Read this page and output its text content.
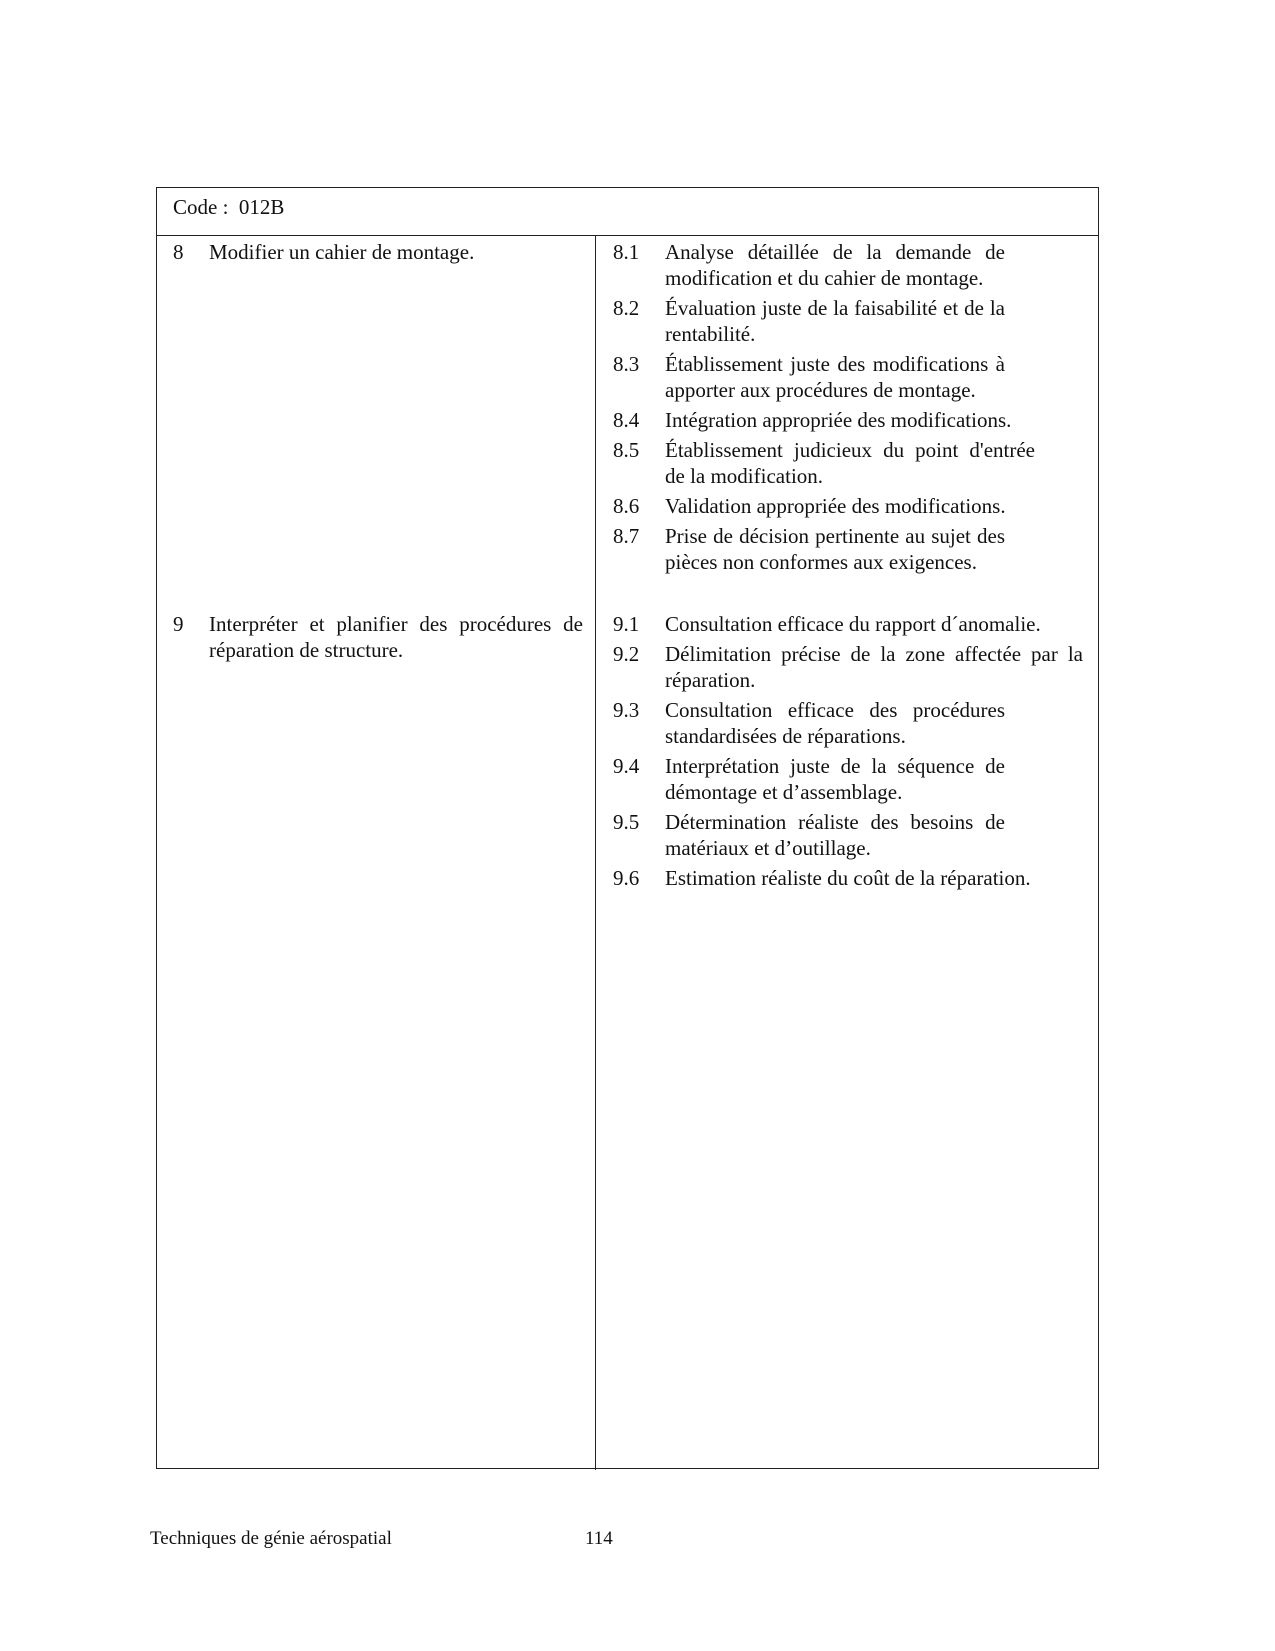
Code :  012B
8	Modifier un cahier de montage.	8.1	Analyse détaillée de la demande de modification et du cahier de montage.
8.2	Évaluation juste de la faisabilité et de la rentabilité.
8.3	Établissement juste des modifications à apporter aux procédures de montage.
8.4	Intégration appropriée des modifications.
8.5	Établissement judicieux du point d'entrée de la modification.
8.6	Validation appropriée des modifications.
8.7	Prise de décision pertinente au sujet des pièces non conformes aux exigences.
9	Interpréter et planifier des procédures de réparation de structure.
9.1	Consultation efficace du rapport d´anomalie.
9.2	Délimitation précise de la zone affectée par la réparation.
9.3	Consultation efficace des procédures standardisées de réparations.
9.4	Interprétation juste de la séquence de démontage et d’assemblage.
9.5	Détermination réaliste des besoins de matériaux et d’outillage.
9.6	Estimation réaliste du coût de la réparation.
Techniques de génie aérospatial	114
